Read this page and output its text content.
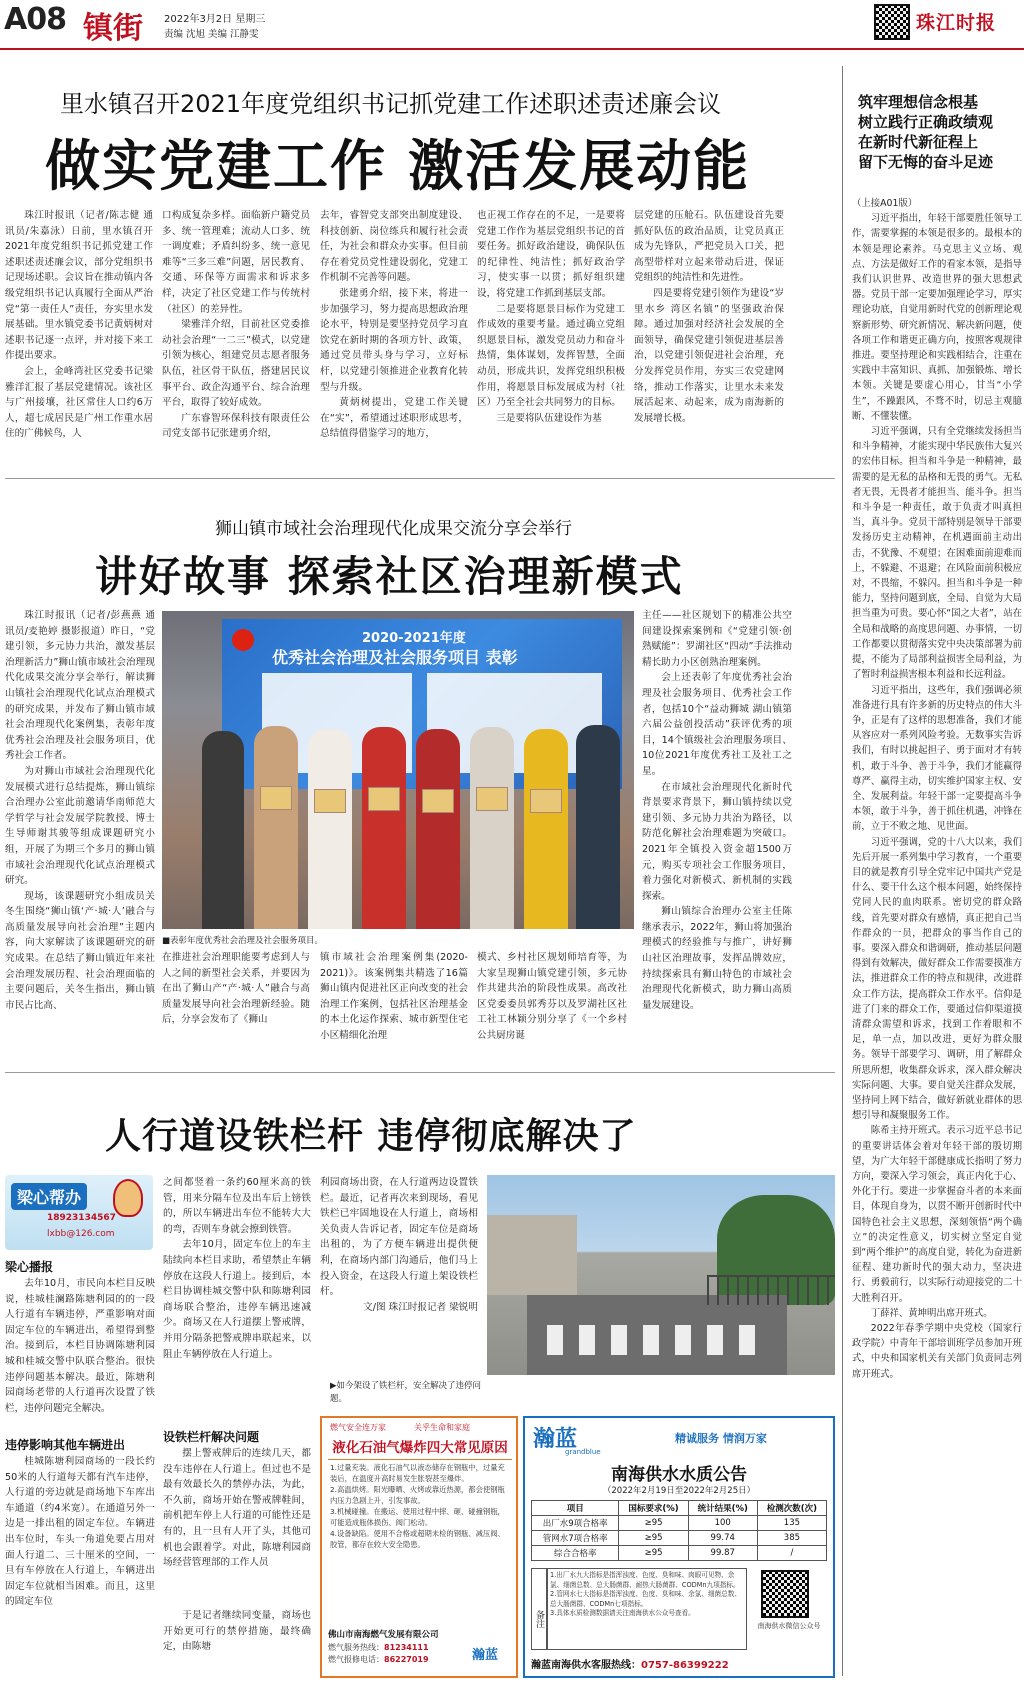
A08 镇街 2022年3月2日 星期三
责编 沈旭 美编 江静雯
珠江时报
里水镇召开2021年度党组织书记抓党建工作述职述责述廉会议
做实党建工作 激活发展动能

珠江时报讯（记者/陈志健 通讯员/朱嘉泳）日前，里水镇召开2021年度党组织书记抓党建工作述职述责述廉会议，部分党组织书记现场述职。会议旨在推动镇内各级党组织书记认真履行全面从严治党“第一责任人”责任，夯实里水发展基础。里水镇党委书记黄炳树对述职书记逐一点评，并对接下来工作提出要求。

会上，金峰湾社区党委书记梁雅洋汇报了基层党建情况。该社区与广州接壤，社区常住人口约6万人，超七成居民是广州工作重水居住的广佛候鸟，人

口构成复杂多样。面临新户籍党员多、统一管理难；流动人口多、统一调度难；矛盾纠纷多、统一意见难等“三多三难”问题，居民教育、交通、环保等方面需求和诉求多样，决定了社区党建工作与传统村（社区）的差异性。

梁雅洋介绍，目前社区党委推动社会治理“一二三”模式，以党建引领为核心，组建党员志愿者服务队伍，社区骨干队伍，搭建居民议事平台、政企沟通平台、综合治理平台，取得了较好成效。

广东睿智环保科技有限责任公司党支部书记张建勇介绍，

去年，睿智党支部突出制度建设、科技创新、岗位练兵和履行社会责任，为社会和群众办实事。但目前存在着党员党性建设弱化，党建工作机制不完善等问题。

张建勇介绍，接下来，将进一步加强学习，努力提高思想政治理论水平，特别是要坚持党员学习直饮党在新时期的各项方针、政策，通过党员带头身与学习，立好标杆，以党建引领推进企业教育化转型与升级。

黄炳树提出，党建工作关键在“实”，希望通过述职形成思考，总结值得借鉴学习的地方，

也正视工作存在的不足，一是要将党建工作作为基层党组织书记的首要任务。抓好政治建设，确保队伍的纪律性、纯洁性；抓好政治学习，使实事一以贯；抓好组织建设，将党建工作抓到基层支部。

二是要将愿景目标作为党建工作成效的重要考量。通过确立党组织愿景目标，激发党员动力和奋斗热情，集体谋划，发挥智慧，全面动员，形成共识，发挥党组织积极作用，将愿景目标发展成为村（社区）乃至全社会共同努力的目标。

三是要将队伍建设作为基

层党建的压舱石。队伍建设首先要抓好队伍的政治品质，让党员真正成为先锋队，严把党员入口关，把高型带样对立起来带动后进，保证党组织的纯洁性和先进性。

四是要将党建引领作为建设“岁里水乡 湾区名镇”的坚强政治保障。通过加强对经济社会发展的全面领导，确保党建引领促进基层善治，以党建引领促进社会治理，充分发挥党员作用，夯实三农党建网络，推动工作落实，让里水未来发展活起来、动起来，成为南海新的发展增长极。

筑牢理想信念根基
树立践行正确政绩观
在新时代新征程上
留下无悔的奋斗足迹

（上接A01版）

习近平指出，年轻干部要胜任领导工作，需要掌握的本领是很多的。最根本的本领是理论素养。马克思主义立场、观点、方法是做好工作的看家本领，是指导我们认识世界、改造世界的强大思想武器。党员干部一定要加强理论学习，厚实理论功底，自觉用新时代党的创新理论观察新形势、研究新情况、解决新问题，使各项工作和谐更正确方向，按照客观规律推进。要坚持理论和实践相结合，注重在实践中丰富知识、真抓、加强锻炼、增长本领。关键是要虚心用心，甘当“小学生”，不躁跟风，不骛不时，切忌主观臆断、不懂装懂。

习近平强调，只有全党继续发扬担当和斗争精神，才能实现中华民族伟大复兴的宏伟目标。担当和斗争是一种精神，最需要的是无私的品格和无畏的勇气。无私者无畏，无畏者才能担当、能斗争。担当和斗争是一种责任，敢于负责才叫真担当，真斗争。党员干部特别是领导干部要发扬历史主动精神，在机遇面前主动出击，不犹豫、不观望；在困难面前迎难而上，不躲避、不退避；在风险面前积极应对，不畏缩，不躲闪。担当和斗争是一种能力，坚持问题到底，全局、自觉为大局担当重为可贵。要心怀“国之大者”，站在全局和战略的高度思问题、办事情，一切工作都要以贯彻落实党中央决策部署为前提，不能为了局部利益损害全局利益，为了暂时利益损害根本利益和长远利益。

习近平指出，这些年，我们强调必须准备进行具有许多新的历史特点的伟大斗争，正是有了这样的思想准备，我们才能从容应对一系列风险考验。无数事实告诉我们，有时以挑起担子、勇于面对才有转机，敢于斗争、善于斗争，我们才能赢得尊严、赢得主动，切实维护国家主权、安全、发展利益。年轻干部一定要提高斗争本领，敢于斗争，善于抓住机遇，冲锋在前，立于不败之地、见世面。

习近平强调，党的十八大以来，我们先后开展一系列集中学习教育，一个重要目的就是教育引导全党牢记中国共产党是什么、要干什么这个根本问题，始终保持党同人民的血肉联系。密切党的群众路线，首先要对群众有感情，真正把自己当作群众的一员，把群众的事当作自己的事。要深入群众和谐调研，推动基层问题得到有效解决，做好群众工作需要摸准方法，推进群众工作的特点和规律，改进群众工作方法，提高群众工作水平。信仰是进了门来的群众工作，要通过信仰渠道摸清群众需望和诉求，找到工作着眼和不足，单一点，加以改进，更好为群众服务。领导干部要学习、调研，用了解群众所思所想，收集群众诉求，深入群众解决实际问题、大事。要自觉关注群众发展，坚持同上网下结合，做好新就业群体的思想引导和凝聚服务工作。

陈希主持开班式。表示习近平总书记的重要讲话体会着对年轻干部的殷切期望，为广大年轻干部健康成长指明了努力方向，要深入学习领会，真正内化于心、外化于行。要进一步掌握奋斗者的本来面目，体现自身为，以贯不断开创新时代中国特色社会主义思想，深刻领悟“两个确立”的决定性意义，切实树立坚定自觉到“两个维护”的高度自觉，转化为奋进新征程、建功新时代的强大动力，坚决进行、勇毅前行，以实际行动迎接党的二十大胜利召开。

丁薛祥、黄坤明出席开班式。

2022年春季学期中央党校（国家行政学院）中青年干部培训班学员参加开班式，中央和国家机关有关部门负责同志列席开班式。

狮山镇市域社会治理现代化成果交流分享会举行
讲好故事 探索社区治理新模式

珠江时报讯（记者/彭燕燕 通讯员/麦艳婷 摄影报道）昨日，“党建引领，多元协力共治，激发基层治理新活力”狮山镇市域社会治理现代化成果交流分享会举行，解读狮山镇社会治理现代化试点治理模式的研究成果，并发布了狮山镇市域社会治理现代化案例集，表彰年度优秀社会治理及社会服务项目，优秀社会工作者。

为对狮山市域社会治理现代化发展模式进行总结提炼，狮山镇综合治理办公室此前邀请华南师范大学哲学与社会发展学院教授、博士生导师谢其骏等组成课题研究小组，开展了为期三个多月的狮山镇市域社会治理现代化试点治理模式研究。

现场，该课题研究小组成员关冬生围绕“狮山镇‘产·城·人’融合与高质量发展导向社会治理”主题内容，向大家解读了该课题研究的研究成果。在总结了狮山镇近年来社会治理发展历程、社会治理面临的主要问题后，关冬生指出，狮山镇市民占比高、

2020-2021年度
优秀社会治理及社会服务项目 表彰
■表彰年度优秀社会治理及社会服务项目。

主任——社区规划下的精准公共空间建设探索案例和《“党建引领·创熟赋能”：罗湖社区“四动”手法推动精长助力小区创熟治理案例。

会上还表彰了年度优秀社会治理及社会服务项目、优秀社会工作者，包括10个“益动狮城 湖山镇第六届公益创投活动”获评优秀的项目，14个镇级社会治理服务项目、10位2021年度优秀社工及社工之星。

在市域社会治理现代化新时代背景要求背景下，狮山镇持续以党建引领、多元协力共治为路径，以防范化解社会治理难题为突破口。2021年全镇投入资金超1500万元，购买专项社会工作服务项目，着力强化对新模式、新机制的实践探索。

狮山镇综合治理办公室主任陈继承表示，2022年，狮山将加强治理模式的经验推与与推广，讲好狮山社区治理故事，发挥品牌效应，持续探索具有狮山特色的市域社会治理现代化新模式，助力狮山高质量发展建设。

在推进社会治理职能要考虑到人与人之间的新型社会关系，并要因为在出了狮山产“产·城·人”融合与高质量发展导向社会治理新经验。随后，分享会发布了《狮山

镇市域社会治理案例集(2020-2021)》。该案例集共精选了16篇狮山镇内促进社区正向改变的社会治理工作案例，包括社区治理基金的本土化运作探索、城市新型住宅小区精细化治理

模式、乡村社区规划师培育等，为大家呈现狮山镇党建引领，多元协作共建共治的阶段性成果。高改社区党委委员郭秀芬以及罗湖社区社工社工林颖分别分享了《一个乡村公共厨房诞

人行道设铁栏杆 违停彻底解决了
梁心帮办
18923134567
lxbb@126.com
梁心播报

去年10月，市民向本栏目反映说，桂城桂澜路陈塘利园的的一段人行道有车辆违停，严重影响对面固定车位的车辆进出，希望得到整治。接到后，本栏目协调陈塘利园城和桂城交警中队联合整治。很快违停问题基本解决。最近，陈塘利园商场老带的人行道再次设置了铁栏，违停问题完全解决。

违停影响其他车辆进出

桂城陈塘利园商场的一段长约50米的人行道每天都有汽车违停，人行道的旁边就是商场地下车库出车通道（约4米宽）。在通道另外一边是一排出租的固定车位。车辆进出车位时，车头一角道免要占用对面人行道二、三十厘米的空间，一旦有车停放在人行道上，车辆进出固定车位就相当困难。而且，这里的固定车位

之间都竖着一条约60厘米高的铁管，用来分隔车位及出车后上镑铁的，所以车辆进出车位不能转大大的弯，否则车身就会擦到铁管。

去年10月，固定车位上的车主陆续向本栏目求助，希望禁止车辆停放在这段人行道上。接到后，本栏目协调桂城交警中队和陈塘利园商场联合整治，违停车辆迅速减少。商场又在人行道摆上警戒牌，并用分隔条把警戒牌串联起来，以阻止车辆停放在人行道上。

设铁栏杆解决问题

摆上警戒牌后的连续几天，都没车违停在人行道上。但过也不是最有效最长久的禁停办法，为此，不久前，商场开始在警戒牌鞋间，前机把车停上人行道的可能性还是有的，且一旦有人开了头，其他司机也会跟着学。对此，陈塘利园商场经营管理部的工作人员

于是记者继续同变量，商场也开始更可行的禁停措施，最终确定，由陈塘

利园商场出资，在人行道两边设置铁栏。最近，记者再次来到现场，看见铁栏已牢固地设在人行道上，商场相关负责人告诉记者，固定车位是商场出租的，为了方便车辆进出提供便利，在商场内部门沟通后，他们马上投入资金，在这段人行道上架设铁栏杆。

文/图 珠江时报记者 梁锐明

▶如今架设了铁栏杆，安全解决了违停问题。
燃气安全连万家	关乎生命和家庭
液化石油气爆炸四大常见原因
1.过量充装。液化石油气以液态储存在钢瓶中，过量充装后，在温度升高时易发生胀裂甚至爆炸。
2.高温烘烤。阳光曝晒、火烤或靠近热源，都会使钢瓶内压力急剧上升，引发事故。
3.机械碰撞。在搬运、使用过程中摔、砸、碰撞钢瓶，可能造成瓶体损伤、阀门松动。
4.设备缺陷。使用不合格或超期未检的钢瓶、减压阀、胶管，都存在较大安全隐患。
佛山市南海燃气发展有限公司
燃气服务热线：81234111
燃气报修电话：86227019	瀚蓝
瀚蓝
grandblue
精诚服务 情润万家
南海供水水质公告
（2022年2月19日至2022年2月25日）
项目	国标要求(%)	统计结果(%)	检测次数(次)
出厂水9项合格率	≥95	100	135
管网水7项合格率	≥95	99.74	385
综合合格率	≥95	99.87	/
备注
1.出厂水九大指标是指浑浊度、色度、臭和味、肉眼可见物、余氯、细菌总数、总大肠菌群、耐热大肠菌群、CODMn九项指标。
2.管网水七大指标是指浑浊度、色度、臭和味、余氯、细菌总数、总大肠菌群、CODMn七项指标。
3.具体水质检测数据请关注南海供水公众号查看。
南海供水微信公众号
瀚蓝南海供水客服热线：0757-86399222
